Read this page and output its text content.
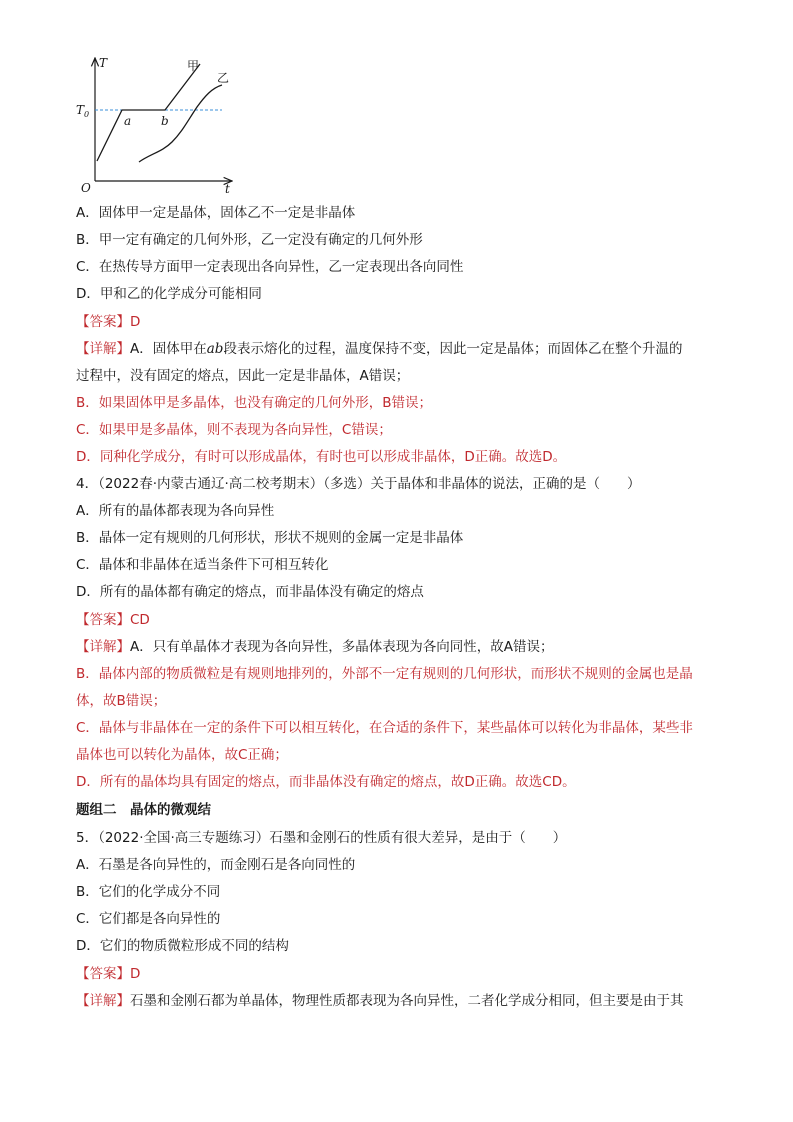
T
t
O
$T_0$	a b
甲
乙
A．固体甲一定是晶体，固体乙不一定是非晶体
B．甲一定有确定的几何外形，乙一定没有确定的几何外形
C．在热传导方面甲一定表现出各向异性，乙一定表现出各向同性
D．甲和乙的化学成分可能相同
【答案】D
【详解】A．固体甲在ab段表示熔化的过程，温度保持不变，因此一定是晶体；而固体乙在整个升温的
过程中，没有固定的熔点，因此一定是非晶体，A错误；
B．如果固体甲是多晶体，也没有确定的几何外形，B错误；
C．如果甲是多晶体，则不表现为各向异性，C错误；
D．同种化学成分，有时可以形成晶体，有时也可以形成非晶体，D正确。故选D。
4．（2022春·内蒙古通辽·高二校考期末）（多选）关于晶体和非晶体的说法，正确的是（　　）
A．所有的晶体都表现为各向异性
B．晶体一定有规则的几何形状，形状不规则的金属一定是非晶体
C．晶体和非晶体在适当条件下可相互转化
D．所有的晶体都有确定的熔点，而非晶体没有确定的熔点
【答案】CD
【详解】A．只有单晶体才表现为各向异性，多晶体表现为各向同性，故A错误；
B．晶体内部的物质微粒是有规则地排列的，外部不一定有规则的几何形状，而形状不规则的金属也是晶
体，故B错误；
C．晶体与非晶体在一定的条件下可以相互转化，在合适的条件下，某些晶体可以转化为非晶体，某些非
晶体也可以转化为晶体，故C正确；
D．所有的晶体均具有固定的熔点，而非晶体没有确定的熔点，故D正确。故选CD。
题组二　晶体的微观结
5．（2022·全国·高三专题练习）石墨和金刚石的性质有很大差异，是由于（　　）
A．石墨是各向异性的，而金刚石是各向同性的
B．它们的化学成分不同
C．它们都是各向异性的
D．它们的物质微粒形成不同的结构
【答案】D
【详解】石墨和金刚石都为单晶体，物理性质都表现为各向异性，二者化学成分相同，但主要是由于其
